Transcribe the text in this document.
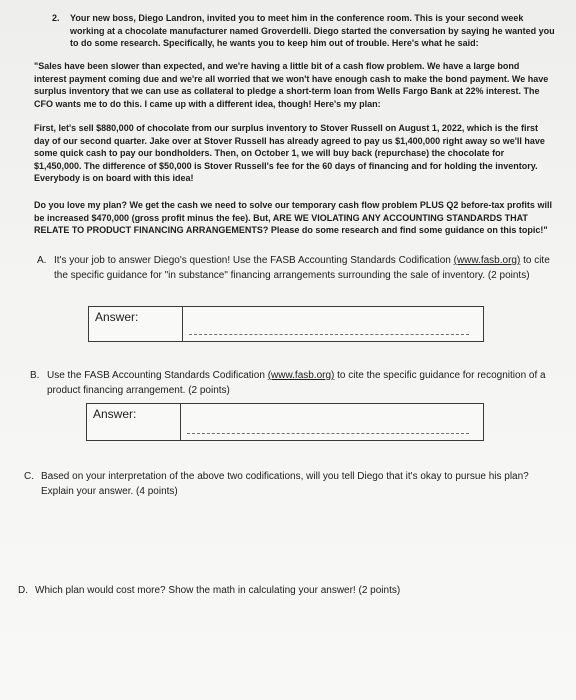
2. Your new boss, Diego Landron, invited you to meet him in the conference room. This is your second week working at a chocolate manufacturer named Groverdelli. Diego started the conversation by saying he wanted you to do some research. Specifically, he wants you to keep him out of trouble. Here's what he said:
"Sales have been slower than expected, and we're having a little bit of a cash flow problem. We have a large bond interest payment coming due and we're all worried that we won't have enough cash to make the bond payment. We have surplus inventory that we can use as collateral to pledge a short-term loan from Wells Fargo Bank at 22% interest. The CFO wants me to do this. I came up with a different idea, though! Here's my plan:
First, let's sell $880,000 of chocolate from our surplus inventory to Stover Russell on August 1, 2022, which is the first day of our second quarter. Jake over at Stover Russell has already agreed to pay us $1,400,000 right away so we'll have some quick cash to pay our bondholders. Then, on October 1, we will buy back (repurchase) the chocolate for $1,450,000. The difference of $50,000 is Stover Russell's fee for the 60 days of financing and for holding the inventory. Everybody is on board with this idea!
Do you love my plan? We get the cash we need to solve our temporary cash flow problem PLUS Q2 before-tax profits will be increased $470,000 (gross profit minus the fee). But, ARE WE VIOLATING ANY ACCOUNTING STANDARDS THAT RELATE TO PRODUCT FINANCING ARRANGEMENTS? Please do some research and find some guidance on this topic!"
A. It's your job to answer Diego's question! Use the FASB Accounting Standards Codification (www.fasb.org) to cite the specific guidance for "in substance" financing arrangements surrounding the sale of inventory. (2 points)
Answer:
B. Use the FASB Accounting Standards Codification (www.fasb.org) to cite the specific guidance for recognition of a product financing arrangement. (2 points)
Answer:
C. Based on your interpretation of the above two codifications, will you tell Diego that it's okay to pursue his plan? Explain your answer. (4 points)
D. Which plan would cost more? Show the math in calculating your answer! (2 points)
